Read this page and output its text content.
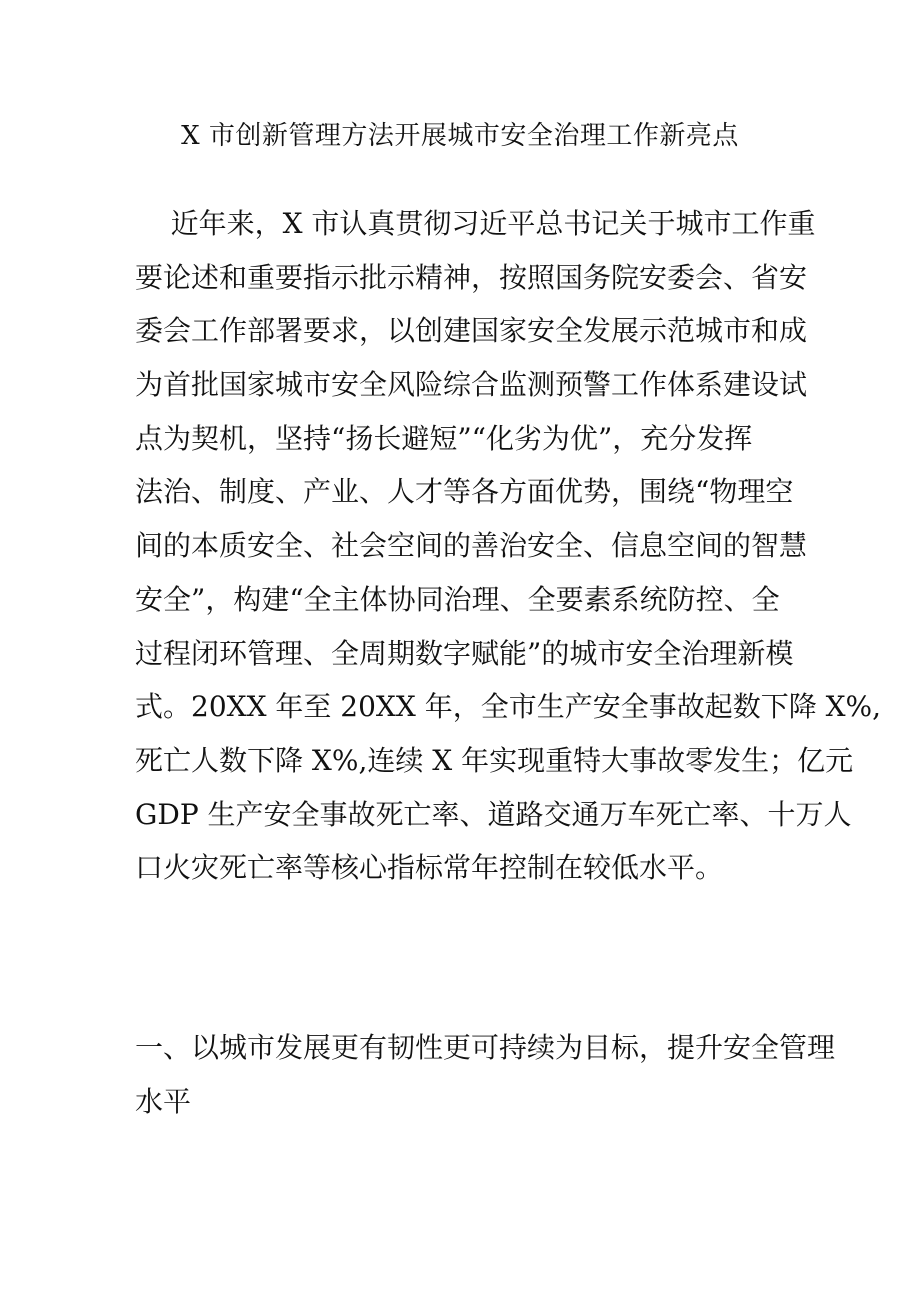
X 市创新管理方法开展城市安全治理工作新亮点
近年来，X 市认真贯彻习近平总书记关于城市工作重
要论述和重要指示批示精神，按照国务院安委会、省安
委会工作部署要求，以创建国家安全发展示范城市和成
为首批国家城市安全风险综合监测预警工作体系建设试
点为契机，坚持“扬长避短”“化劣为优”，充分发挥
法治、制度、产业、人才等各方面优势，围绕“物理空
间的本质安全、社会空间的善治安全、信息空间的智慧
安全”，构建“全主体协同治理、全要素系统防控、全
过程闭环管理、全周期数字赋能”的城市安全治理新模
式。20XX 年至 20XX 年，全市生产安全事故起数下降 X%,
死亡人数下降 X%,连续 X 年实现重特大事故零发生；亿元
GDP 生产安全事故死亡率、道路交通万车死亡率、十万人
口火灾死亡率等核心指标常年控制在较低水平。
一、以城市发展更有韧性更可持续为目标，提升安全管理
水平
